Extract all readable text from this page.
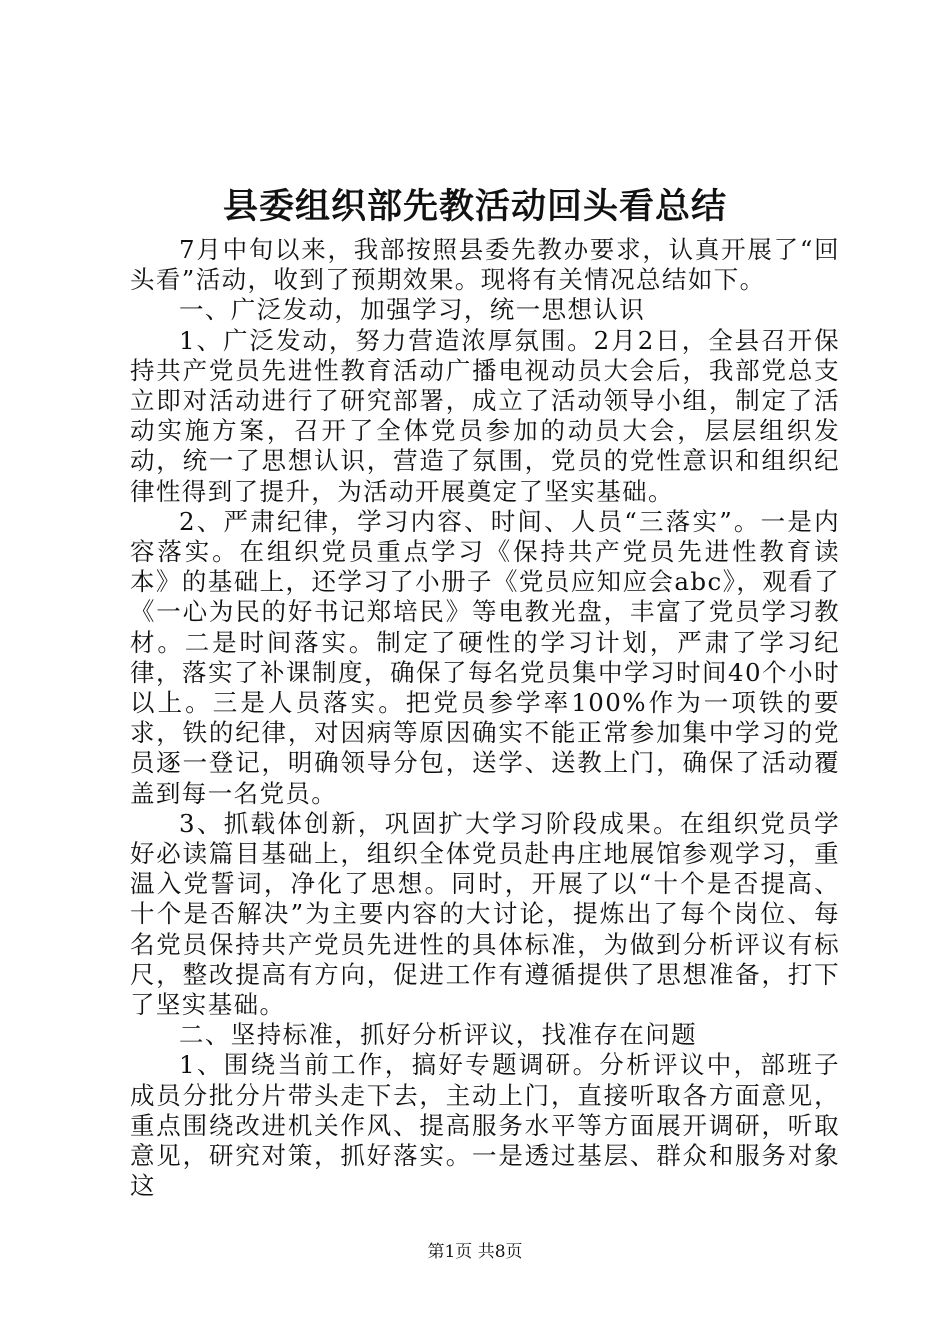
县委组织部先教活动回头看总结

7月中旬以来，我部按照县委先教办要求，认真开展了“回头看”活动，收到了预期效果。现将有关情况总结如下。

一、广泛发动，加强学习，统一思想认识

1、广泛发动，努力营造浓厚氛围。2月2日，全县召开保持共产党员先进性教育活动广播电视动员大会后，我部党总支立即对活动进行了研究部署，成立了活动领导小组，制定了活动实施方案，召开了全体党员参加的动员大会，层层组织发动，统一了思想认识，营造了氛围，党员的党性意识和组织纪律性得到了提升，为活动开展奠定了坚实基础。

2、严肃纪律，学习内容、时间、人员“三落实”。一是内容落实。在组织党员重点学习《保持共产党员先进性教育读本》的基础上，还学习了小册子《党员应知应会abc》，观看了《一心为民的好书记郑培民》等电教光盘，丰富了党员学习教材。二是时间落实。制定了硬性的学习计划，严肃了学习纪律，落实了补课制度，确保了每名党员集中学习时间40个小时以上。三是人员落实。把党员参学率100%作为一项铁的要求，铁的纪律，对因病等原因确实不能正常参加集中学习的党员逐一登记，明确领导分包，送学、送教上门，确保了活动覆盖到每一名党员。

3、抓载体创新，巩固扩大学习阶段成果。在组织党员学好必读篇目基础上，组织全体党员赴冉庄地展馆参观学习，重温入党誓词，净化了思想。同时，开展了以“十个是否提高、十个是否解决”为主要内容的大讨论，提炼出了每个岗位、每名党员保持共产党员先进性的具体标准，为做到分析评议有标尺，整改提高有方向，促进工作有遵循提供了思想准备，打下了坚实基础。

二、坚持标准，抓好分析评议，找准存在问题

1、围绕当前工作，搞好专题调研。分析评议中，部班子成员分批分片带头走下去，主动上门，直接听取各方面意见，重点围绕改进机关作风、提高服务水平等方面展开调研，听取意见，研究对策，抓好落实。一是透过基层、群众和服务对象这

第1页 共8页
